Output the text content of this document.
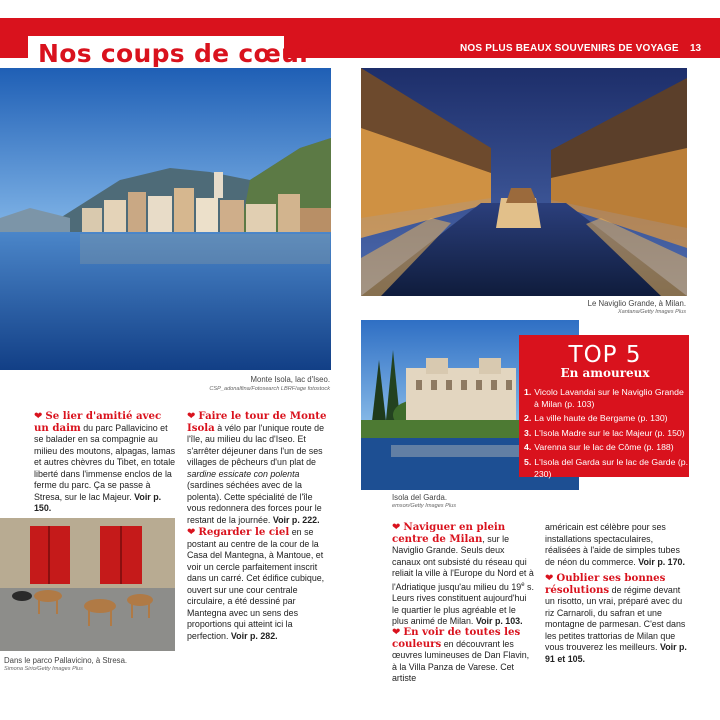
Nos coups de cœur	NOS PLUS BEAUX SOUVENIRS DE VOYAGE 13
Monte Isola, lac d'Iseo.
CSP_adonalfina/Fotosearch LBRF/age fotostock
Le Naviglio Grande, à Milan.
Xantana/Getty Images Plus
Isola del Garda.
emson/Getty Images Plus
TOP 5
En amoureux
1. Vicolo Lavandai sur le Naviglio Grande à Milan (p. 103)
2. La ville haute de Bergame (p. 130)
3. L'Isola Madre sur le lac Majeur (p. 150)
4. Varenna sur le lac de Côme (p. 188)
5. L'Isola del Garda sur le lac de Garde (p. 230)
Dans le parco Pallavicino, à Stresa.
Simona Sirio/Getty Images Plus
❤ Se lier d'amitié avec un daim du parc Pallavicino et se balader en sa compagnie au milieu des moutons, alpagas, lamas et autres chèvres du Tibet, en totale liberté dans l'immense enclos de la ferme du parc. Ça se passe à Stresa, sur le lac Majeur. Voir p. 150.
❤ Faire le tour de Monte Isola à vélo par l'unique route de l'île, au milieu du lac d'Iseo. Et s'arrêter déjeuner dans l'un de ses villages de pêcheurs d'un plat de sardine essicate con polenta (sardines séchées avec de la polenta). Cette spécialité de l'île vous redonnera des forces pour le restant de la journée. Voir p. 222.
❤ Regarder le ciel en se postant au centre de la cour de la Casa del Mantegna, à Mantoue, et voir un cercle parfaitement inscrit dans un carré. Cet édifice cubique, ouvert sur une cour centrale circulaire, a été dessiné par Mantegna avec un sens des proportions qui atteint ici la perfection. Voir p. 282.
❤ Naviguer en plein centre de Milan, sur le Naviglio Grande. Seuls deux canaux ont subsisté du réseau qui reliait la ville à l'Europe du Nord et à l'Adriatique jusqu'au milieu du 19e s. Leurs rives constituent aujourd'hui le quartier le plus agréable et le plus animé de Milan. Voir p. 103.
❤ En voir de toutes les couleurs en découvrant les œuvres lumineuses de Dan Flavin, à la Villa Panza de Varese. Cet artiste
américain est célèbre pour ses installations spectaculaires, réalisées à l'aide de simples tubes de néon du commerce. Voir p. 170.
❤ Oublier ses bonnes résolutions de régime devant un risotto, un vrai, préparé avec du riz Carnaroli, du safran et une montagne de parmesan. C'est dans les petites trattorias de Milan que vous trouverez les meilleurs. Voir p. 91 et 105.
